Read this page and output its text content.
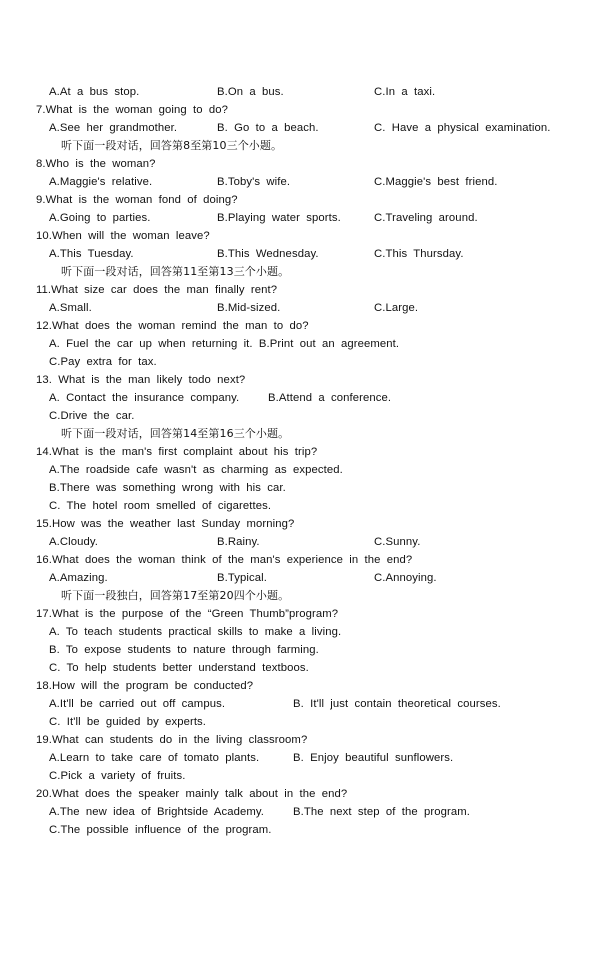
A.At a bus stop.	B.On a bus.	C.In a taxi.
7.What is the woman going to do?
A.See her grandmother.	B. Go to a beach.	C. Have a physical examination.
听下面一段对话，回答第8至第10三个小题。
8.Who is the woman?
A.Maggie's relative.	B.Toby's wife.	C.Maggie's best friend.
9.What is the woman fond of doing?
A.Going to parties.	B.Playing water sports.	C.Traveling around.
10.When will the woman leave?
A.This Tuesday.	B.This Wednesday.	C.This Thursday.
听下面一段对话，回答第11至第13三个小题。
11.What size car does the man finally rent?
A.Small.	B.Mid-sized.	C.Large.
12.What does the woman remind the man to do?
A. Fuel the car up when returning it. B.Print out an agreement.
C.Pay extra for tax.
13. What is the man likely todo next?
A. Contact the insurance company.	B.Attend a conference.
C.Drive the car.
听下面一段对话，回答第14至第16三个小题。
14.What is the man's first complaint about his trip?
A.The roadside cafe wasn't as charming as expected.
B.There was something wrong with his car.
C. The hotel room smelled of cigarettes.
15.How was the weather last Sunday morning?
A.Cloudy.	B.Rainy.	C.Sunny.
16.What does the woman think of the man's experience in the end?
A.Amazing.	B.Typical.	C.Annoying.
听下面一段独白，回答第17至第20四个小题。
17.What is the purpose of the “Green Thumb”program?
A. To teach students practical skills to make a living.
B. To expose students to nature through farming.
C. To help students better understand textboos.
18.How will the program be conducted?
A.It'll be carried out off campus.	B. It'll just contain theoretical courses.
C. It'll be guided by experts.
19.What can students do in the living classroom?
A.Learn to take care of tomato plants.	B. Enjoy beautiful sunflowers.
C.Pick a variety of fruits.
20.What does the speaker mainly talk about in the end?
A.The new idea of Brightside Academy.	B.The next step of the program.
C.The possible influence of the program.
